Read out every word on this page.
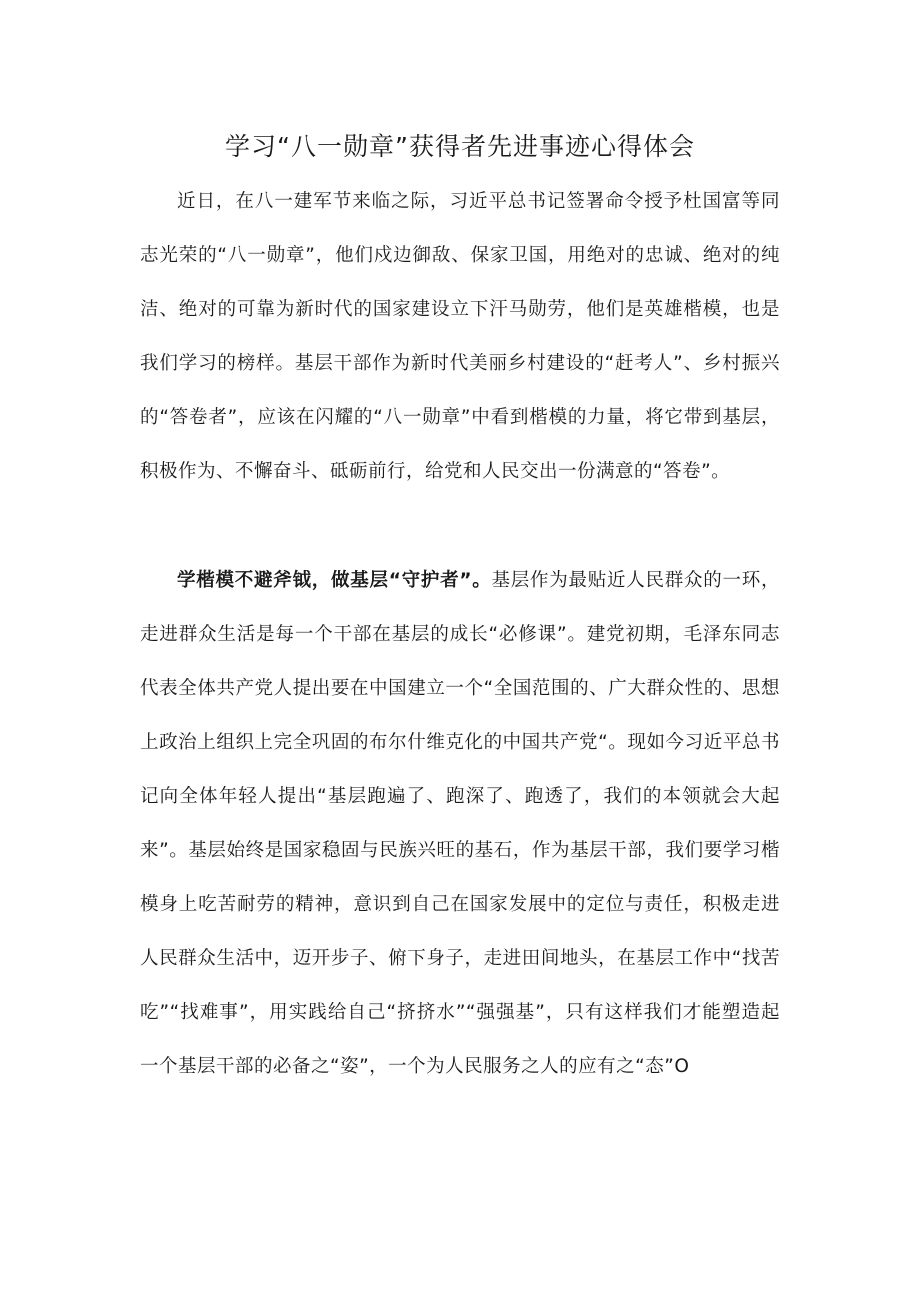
学习“八一勋章”获得者先进事迹心得体会

近日，在八一建军节来临之际，习近平总书记签署命令授予杜国富等同志光荣的“八一勋章”，他们戍边御敌、保家卫国，用绝对的忠诚、绝对的纯洁、绝对的可靠为新时代的国家建设立下汗马勋劳，他们是英雄楷模，也是我们学习的榜样。基层干部作为新时代美丽乡村建设的“赶考人”、乡村振兴的“答卷者”，应该在闪耀的“八一勋章”中看到楷模的力量，将它带到基层，积极作为、不懈奋斗、砥砺前行，给党和人民交出一份满意的“答卷”。

学楷模不避斧钺，做基层“守护者”。基层作为最贴近人民群众的一环，走进群众生活是每一个干部在基层的成长“必修课”。建党初期，毛泽东同志代表全体共产党人提出要在中国建立一个“全国范围的、广大群众性的、思想上政治上组织上完全巩固的布尔什维克化的中国共产党“。现如今习近平总书记向全体年轻人提出“基层跑遍了、跑深了、跑透了，我们的本领就会大起来”。基层始终是国家稳固与民族兴旺的基石，作为基层干部，我们要学习楷模身上吃苦耐劳的精神，意识到自己在国家发展中的定位与责任，积极走进人民群众生活中，迈开步子、俯下身子，走进田间地头，在基层工作中“找苦吃”“找难事”，用实践给自己“挤挤水”“强强基”，只有这样我们才能塑造起一个基层干部的必备之“姿”，一个为人民服务之人的应有之“态”O
